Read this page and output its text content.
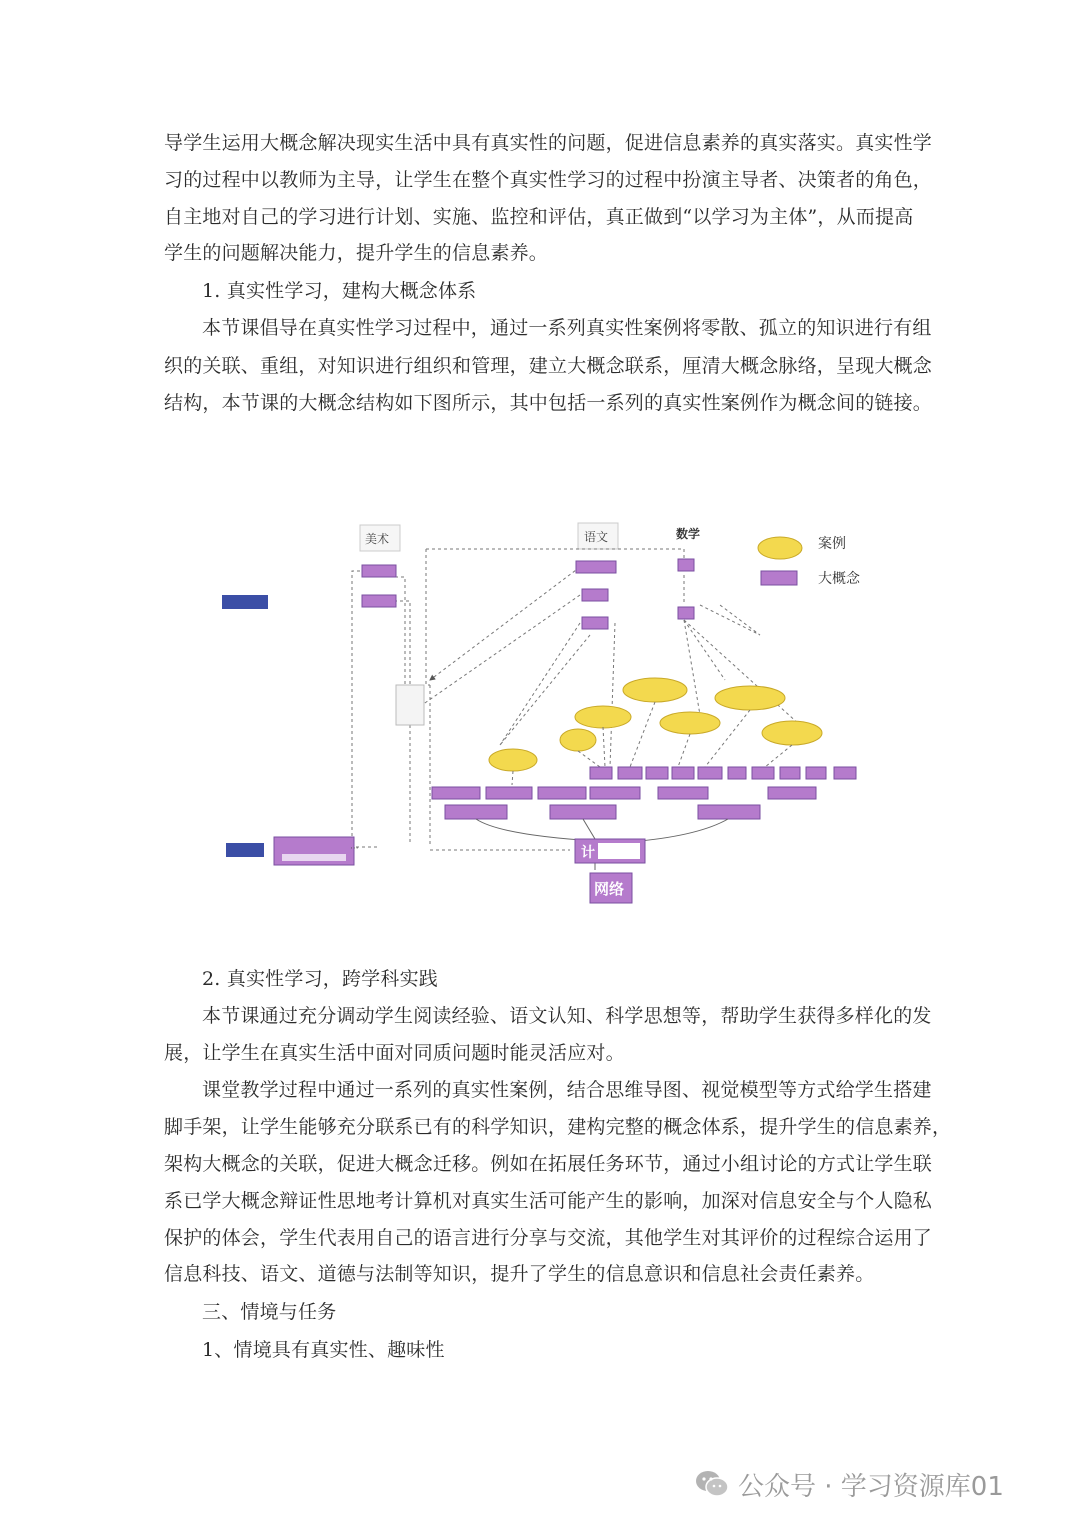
导学生运用大概念解决现实生活中具有真实性的问题，促进信息素养的真实落实。真实性学
习的过程中以教师为主导，让学生在整个真实性学习的过程中扮演主导者、决策者的角色，
自主地对自己的学习进行计划、实施、监控和评估，真正做到“以学习为主体”，从而提高
学生的问题解决能力，提升学生的信息素养。
1. 真实性学习，建构大概念体系
本节课倡导在真实性学习过程中，通过一系列真实性案例将零散、孤立的知识进行有组
织的关联、重组，对知识进行组织和管理，建立大概念联系，厘清大概念脉络，呈现大概念
结构，本节课的大概念结构如下图所示，其中包括一系列的真实性案例作为概念间的链接。
美术	语文	数学
案例
大概念
···	计
网络
2. 真实性学习，跨学科实践
本节课通过充分调动学生阅读经验、语文认知、科学思想等，帮助学生获得多样化的发
展，让学生在真实生活中面对同质问题时能灵活应对。
课堂教学过程中通过一系列的真实性案例，结合思维导图、视觉模型等方式给学生搭建
脚手架，让学生能够充分联系已有的科学知识，建构完整的概念体系，提升学生的信息素养，
架构大概念的关联，促进大概念迁移。例如在拓展任务环节，通过小组讨论的方式让学生联
系已学大概念辩证性思地考计算机对真实生活可能产生的影响，加深对信息安全与个人隐私
保护的体会，学生代表用自己的语言进行分享与交流，其他学生对其评价的过程综合运用了
信息科技、语文、道德与法制等知识，提升了学生的信息意识和信息社会责任素养。
三、情境与任务
1、情境具有真实性、趣味性
公众号 · 学习资源库01
